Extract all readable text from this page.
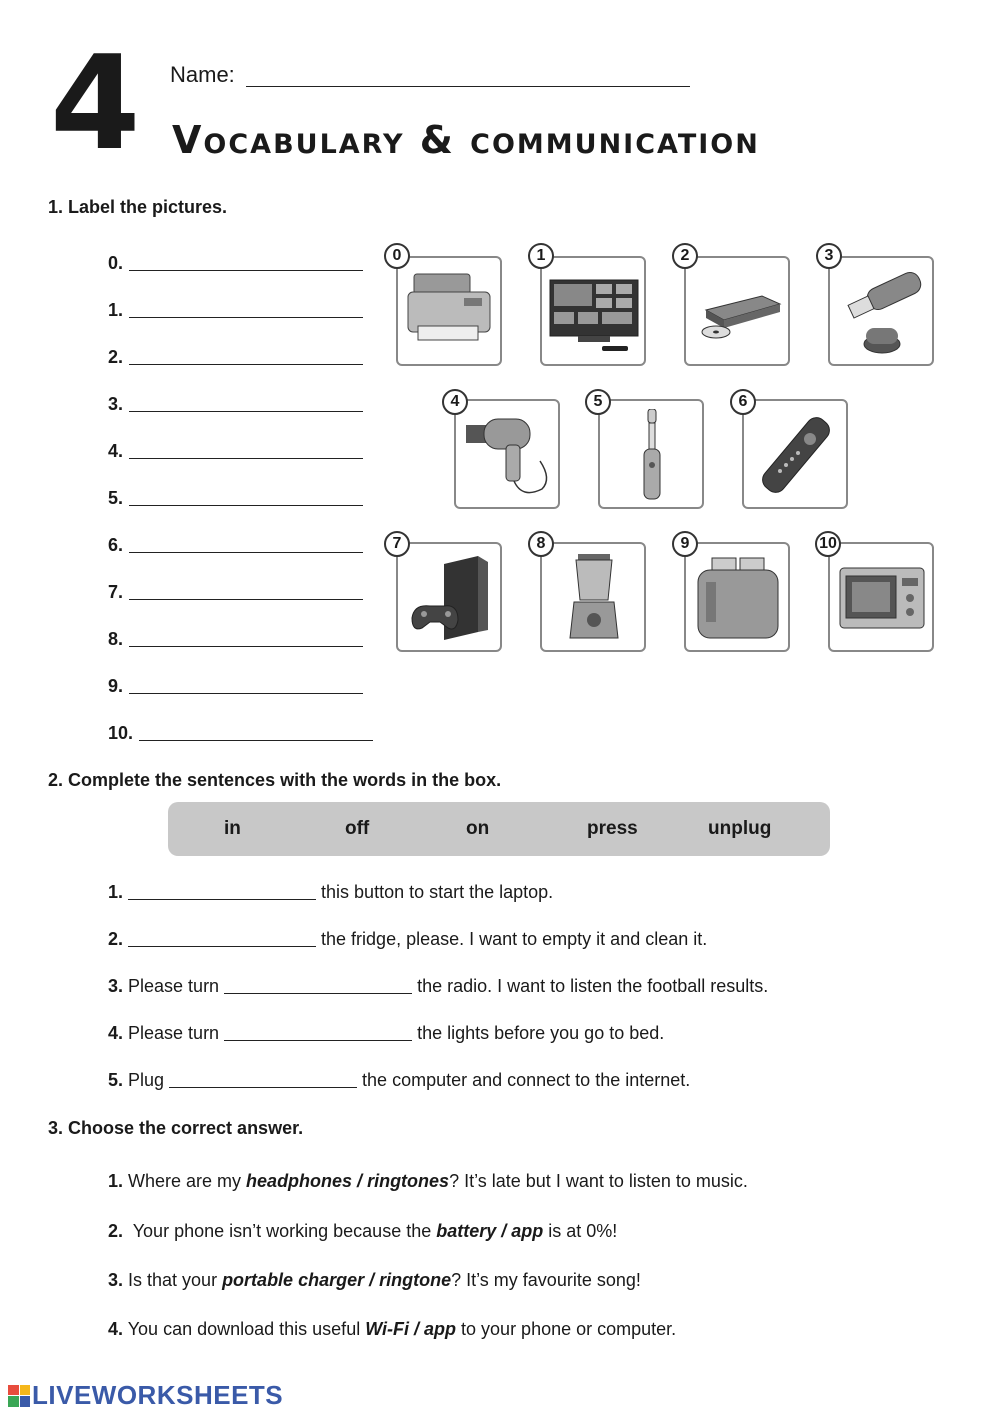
4 Name:
Vocabulary & communication
1. Label the pictures.
0.
1.
2.
3.
4.
5.
6.
7.
8.
9.
10.
0	1	2	3
4	5	6
7	8	9	10
2. Complete the sentences with the words in the box.
in	off	on	press	unplug
1.	this button to start the laptop.
2.	the fridge, please. I want to empty it and clean it.
3. Please turn	the radio. I want to listen the football results.
4. Please turn	the lights before you go to bed.
5. Plug	the computer and connect to the internet.
3. Choose the correct answer.
1. Where are my headphones / ringtones? It’s late but I want to listen to music.
2.  Your phone isn’t working because the battery / app is at 0%!
3. Is that your portable charger / ringtone? It’s my favourite song!
4. You can download this useful Wi-Fi / app to your phone or computer.
LIVEWORKSHEETS
